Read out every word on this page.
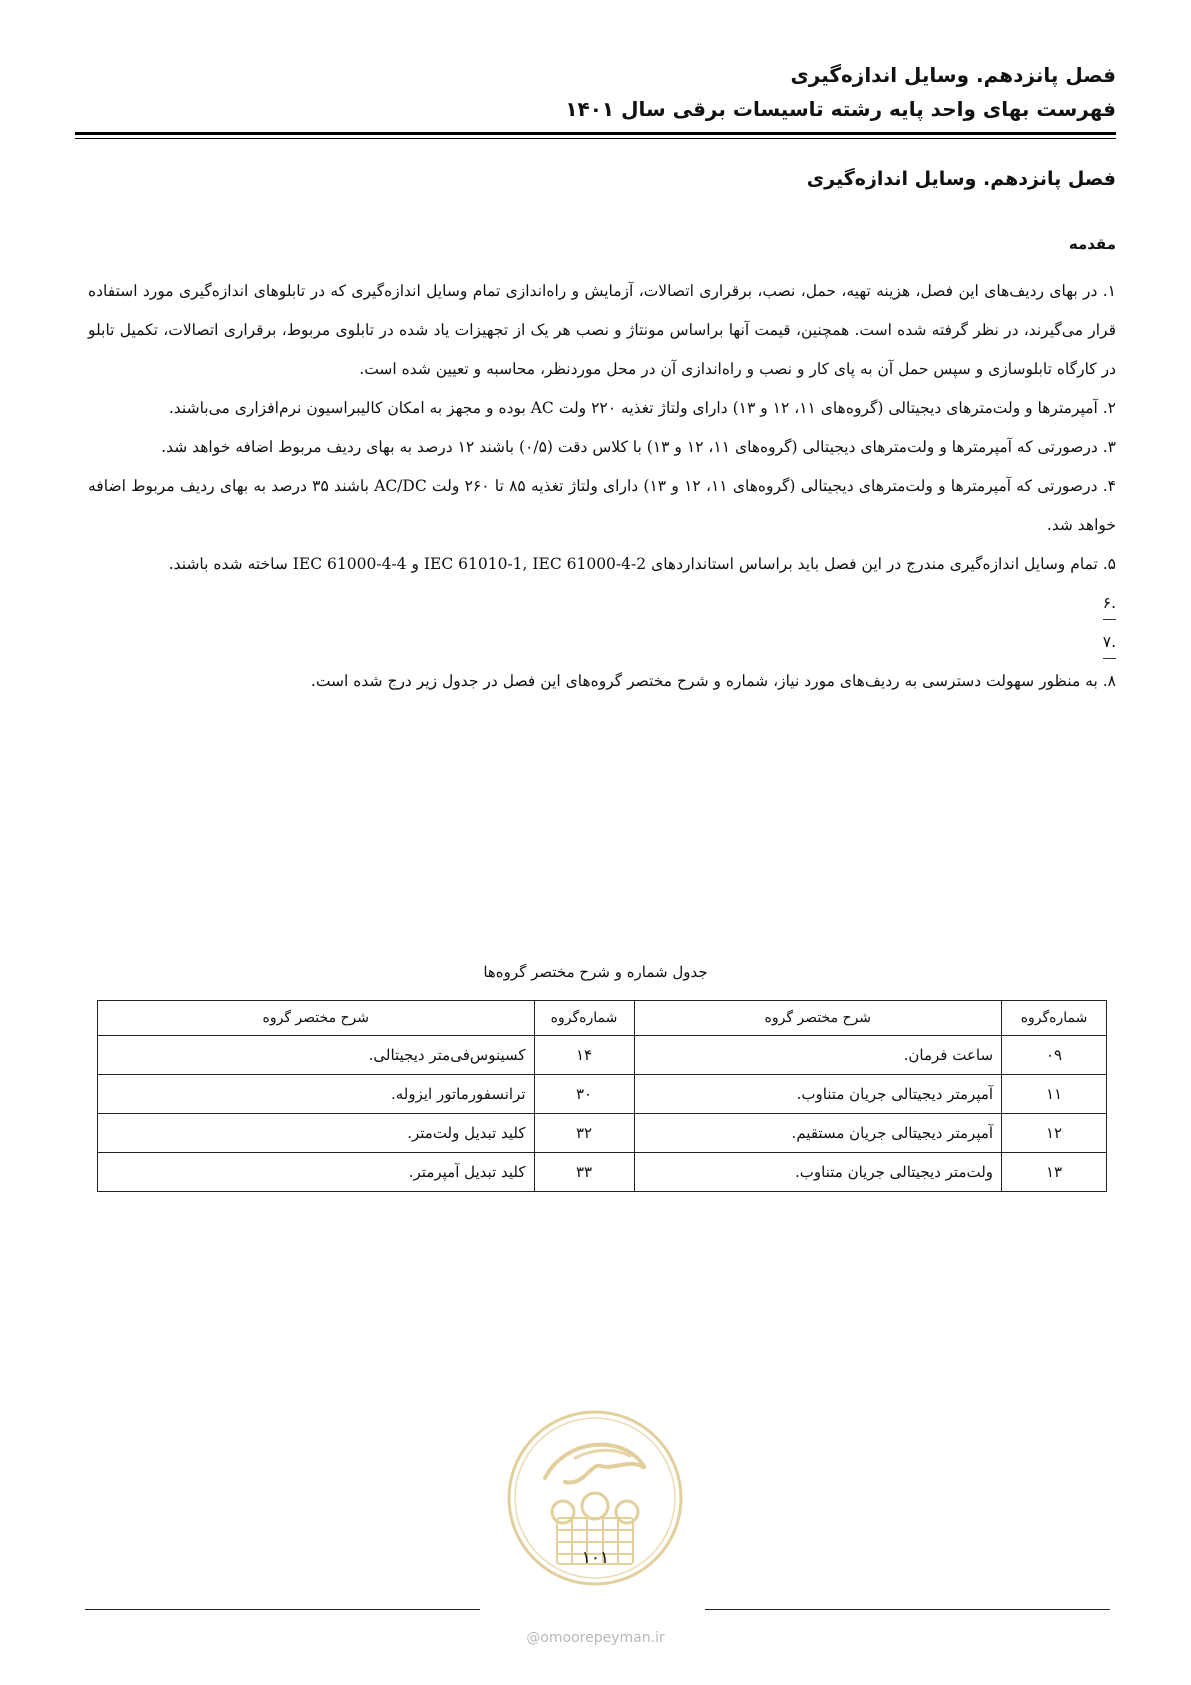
فصل پانزدهم. وسایل اندازه‌گیری
فهرست بهای واحد پایه رشته تاسیسات برقی سال ۱۴۰۱
فصل پانزدهم. وسایل اندازه‌گیری
مقدمه

۱. در بهای ردیف‌های این فصل، هزینه تهیه، حمل، نصب، برقراری اتصالات، آزمایش و راه‌اندازی تمام وسایل اندازه‌گیری که در تابلوهای اندازه‌گیری مورد استفاده قرار می‌گیرند، در نظر گرفته شده است. همچنین، قیمت آنها براساس مونتاژ و نصب هر یک از تجهیزات یاد شده در تابلوی مربوط، برقراری اتصالات، تکمیل تابلو در کارگاه تابلوسازی و سپس حمل آن به پای کار و نصب و راه‌اندازی آن در محل موردنظر، محاسبه و تعیین شده است.

۲. آمپرمترها و ولت‌مترهای دیجیتالی (گروه‌های ۱۱، ۱۲ و ۱۳) دارای ولتاژ تغذیه ۲۲۰ ولت AC بوده و مجهز به امکان کالیبراسیون نرم‌افزاری می‌باشند.

۳. درصورتی که آمپرمترها و ولت‌مترهای دیجیتالی (گروه‌های ۱۱، ۱۲ و ۱۳) با کلاس دقت (۰/۵) باشند ۱۲ درصد به بهای ردیف مربوط اضافه خواهد شد.

۴. درصورتی که آمپرمترها و ولت‌مترهای دیجیتالی (گروه‌های ۱۱، ۱۲ و ۱۳) دارای ولتاژ تغذیه ۸۵ تا ۲۶۰ ولت AC/DC باشند ۳۵ درصد به بهای ردیف مربوط اضافه خواهد شد.

۵. تمام وسایل اندازه‌گیری مندرج در این فصل باید براساس استانداردهای IEC 61010-1, IEC 61000-4-2 و IEC 61000-4-4 ساخته شده باشند.

.۶

.۷

۸. به منظور سهولت دسترسی به ردیف‌های مورد نیاز، شماره و شرح مختصر گروه‌های این فصل در جدول زیر درج شده است.

جدول شماره و شرح مختصر گروه‌ها
شماره‌گروه	شرح مختصر گروه	شماره‌گروه	شرح مختصر گروه
۰۹	ساعت فرمان.	۱۴	کسینوس‌فی‌متر دیجیتالی.
۱۱	آمپرمتر دیجیتالی جریان متناوب.	۳۰	ترانسفورماتور ایزوله.
۱۲	آمپرمتر دیجیتالی جریان مستقیم.	۳۲	کلید تبدیل ولت‌متر.
۱۳	ولت‌متر دیجیتالی جریان متناوب.	۳۳	کلید تبدیل آمپرمتر.
۱۰۱
@omoorepeyman.ir
